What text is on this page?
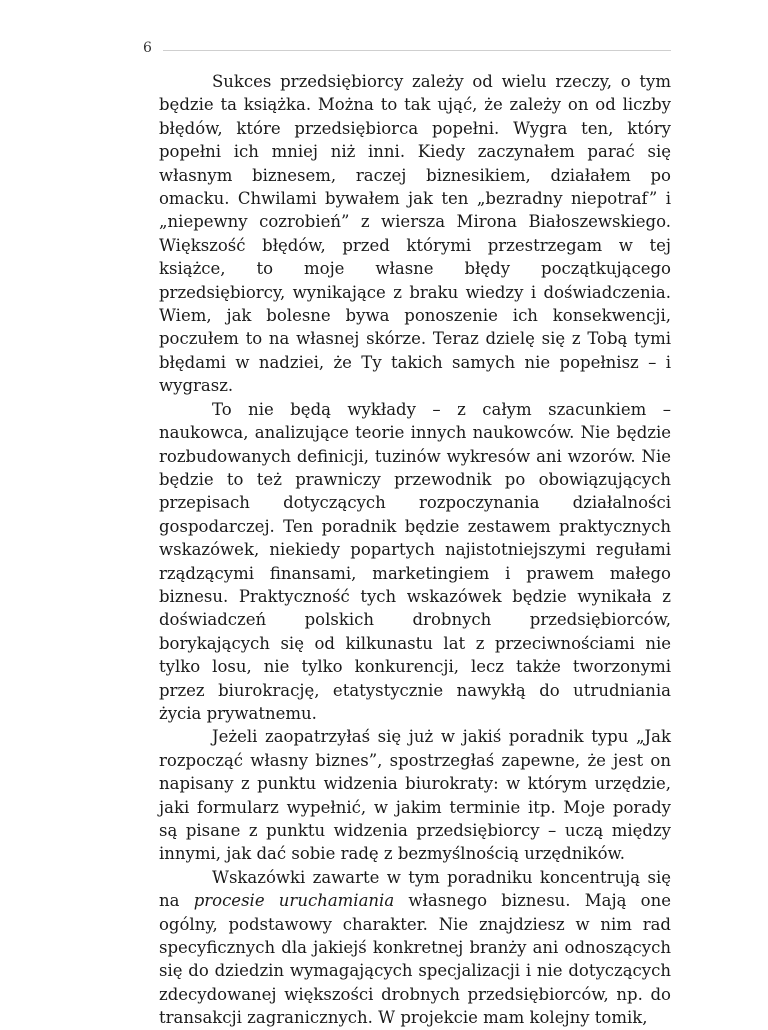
6

Sukces przedsiębiorcy zależy od wielu rzeczy, o tym będzie ta książka. Można to tak ująć, że zależy on od liczby błędów, które przedsiębiorca popełni. Wygra ten, który popełni ich mniej niż inni. Kiedy zaczynałem parać się własnym biznesem, raczej biznesikiem, działałem po omacku. Chwilami bywałem jak ten „bezradny niepotraf” i „niepewny cozrobień” z wiersza Mirona Białoszewskiego. Większość błędów, przed którymi przestrzegam w tej książce, to moje własne błędy początkującego przedsiębiorcy, wynikające z braku wiedzy i doświadczenia. Wiem, jak bolesne bywa ponoszenie ich konsekwencji, poczułem to na własnej skórze. Teraz dzielę się z Tobą tymi błędami w nadziei, że Ty takich samych nie popełnisz – i wygrasz.

To nie będą wykłady – z całym szacunkiem – naukowca, analizujące teorie innych naukowców. Nie będzie rozbudowanych definicji, tuzinów wykresów ani wzorów. Nie będzie to też prawniczy przewodnik po obowiązujących przepisach dotyczących rozpoczynania działalności gospodarczej. Ten poradnik będzie zestawem praktycznych wskazówek, niekiedy popartych najistotniejszymi regułami rządzącymi finansami, marketingiem i prawem małego biznesu. Praktyczność tych wskazówek będzie wynikała z doświadczeń polskich drobnych przedsiębiorców, borykających się od kilkunastu lat z przeciwnościami nie tylko losu, nie tylko konkurencji, lecz także tworzonymi przez biurokrację, etatystycznie nawykłą do utrudniania życia prywatnemu.

Jeżeli zaopatrzyłaś się już w jakiś poradnik typu „Jak rozpocząć własny biznes”, spostrzegłaś zapewne, że jest on napisany z punktu widzenia biurokraty: w którym urzędzie, jaki formularz wypełnić, w jakim terminie itp. Moje porady są pisane z punktu widzenia przedsiębiorcy – uczą między innymi, jak dać sobie radę z bezmyślnością urzędników.

Wskazówki zawarte w tym poradniku koncentrują się na procesie uruchamiania własnego biznesu. Mają one ogólny, podstawowy charakter. Nie znajdziesz w nim rad specyficznych dla jakiejś konkretnej branży ani odnoszących się do dziedzin wymagających specjalizacji i nie dotyczących zdecydowanej większości drobnych przedsiębiorców, np. do transakcji zagranicznych. W projekcie mam kolejny tomik,
